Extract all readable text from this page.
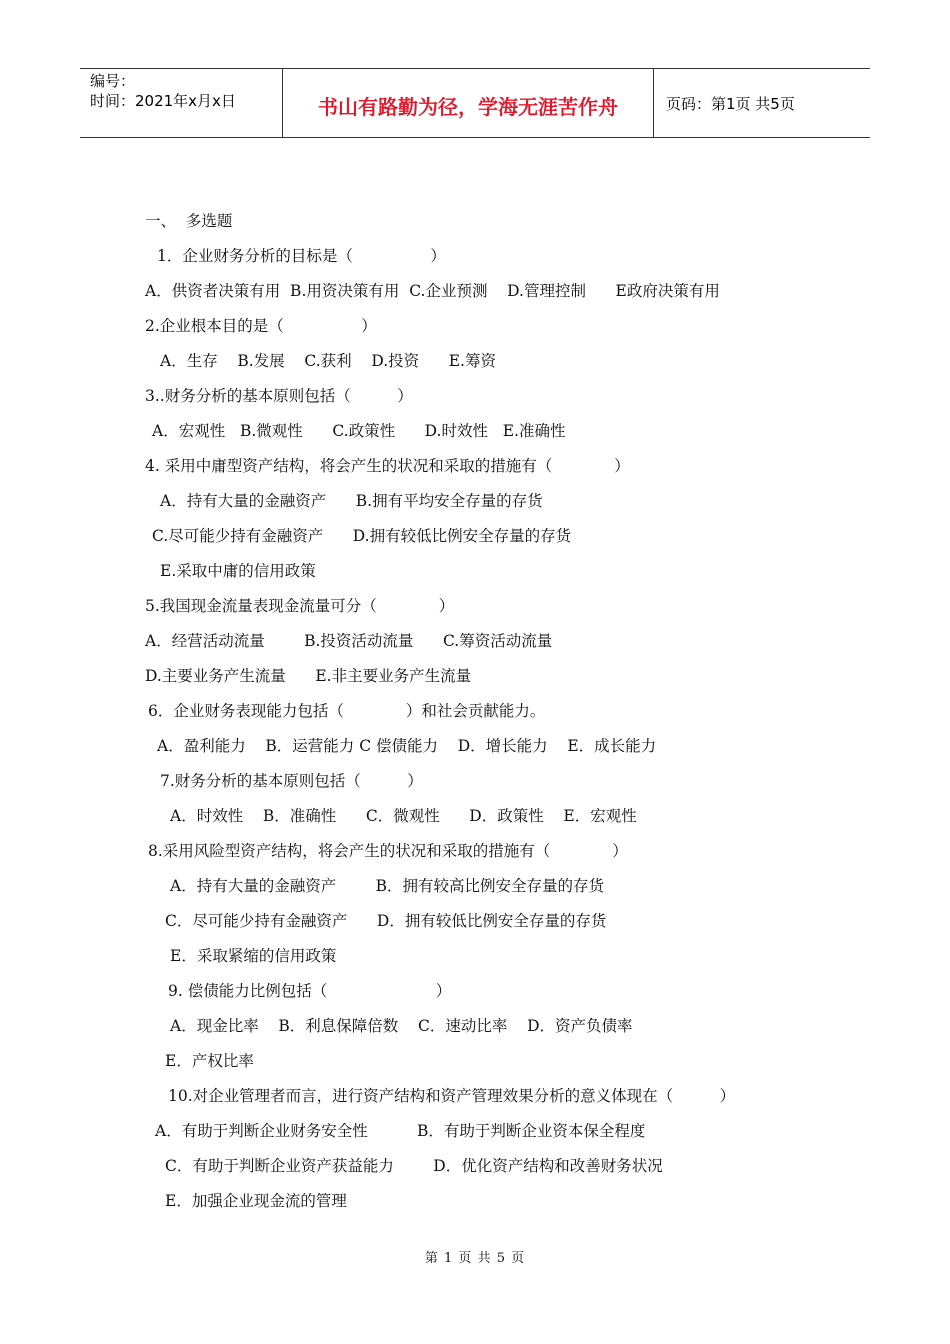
编号：
时间：2021年x月x日	书山有路勤为径，学海无涯苦作舟	页码：第1页 共5页
一、  多选题
1．企业财务分析的目标是（　　　　　）
A．供资者决策有用  B.用资决策有用  C.企业预测    D.管理控制      E政府决策有用
2.企业根本目的是（　　　　　）
A．生存    B.发展    C.获利    D.投资      E.筹资
3..财务分析的基本原则包括（　　　）
A．宏观性   B.微观性      C.政策性      D.时效性   E.准确性
4. 采用中庸型资产结构，将会产生的状况和采取的措施有（　　　　）
A．持有大量的金融资产      B.拥有平均安全存量的存货
C.尽可能少持有金融资产      D.拥有较低比例安全存量的存货
E.采取中庸的信用政策
5.我国现金流量表现金流量可分（　　　　）
A．经营活动流量        B.投资活动流量      C.筹资活动流量
D.主要业务产生流量      E.非主要业务产生流量
6．企业财务表现能力包括（　　　　）和社会贡献能力。
A．盈利能力    B．运营能力 C 偿债能力    D．增长能力    E．成长能力
7.财务分析的基本原则包括（　　　）
A．时效性    B．准确性      C．微观性      D．政策性    E．宏观性
8.采用风险型资产结构，将会产生的状况和采取的措施有（　　　　）
A．持有大量的金融资产        B．拥有较高比例安全存量的存货
C．尽可能少持有金融资产      D．拥有较低比例安全存量的存货
E．采取紧缩的信用政策
9. 偿债能力比例包括（　　　　　　　）
A．现金比率    B．利息保障倍数    C．速动比率    D．资产负债率
E．产权比率
10.对企业管理者而言，进行资产结构和资产管理效果分析的意义体现在（　　　）
A．有助于判断企业财务安全性          B．有助于判断企业资本保全程度
C．有助于判断企业资产获益能力        D．优化资产结构和改善财务状况
E．加强企业现金流的管理
第 1 页 共 5 页
